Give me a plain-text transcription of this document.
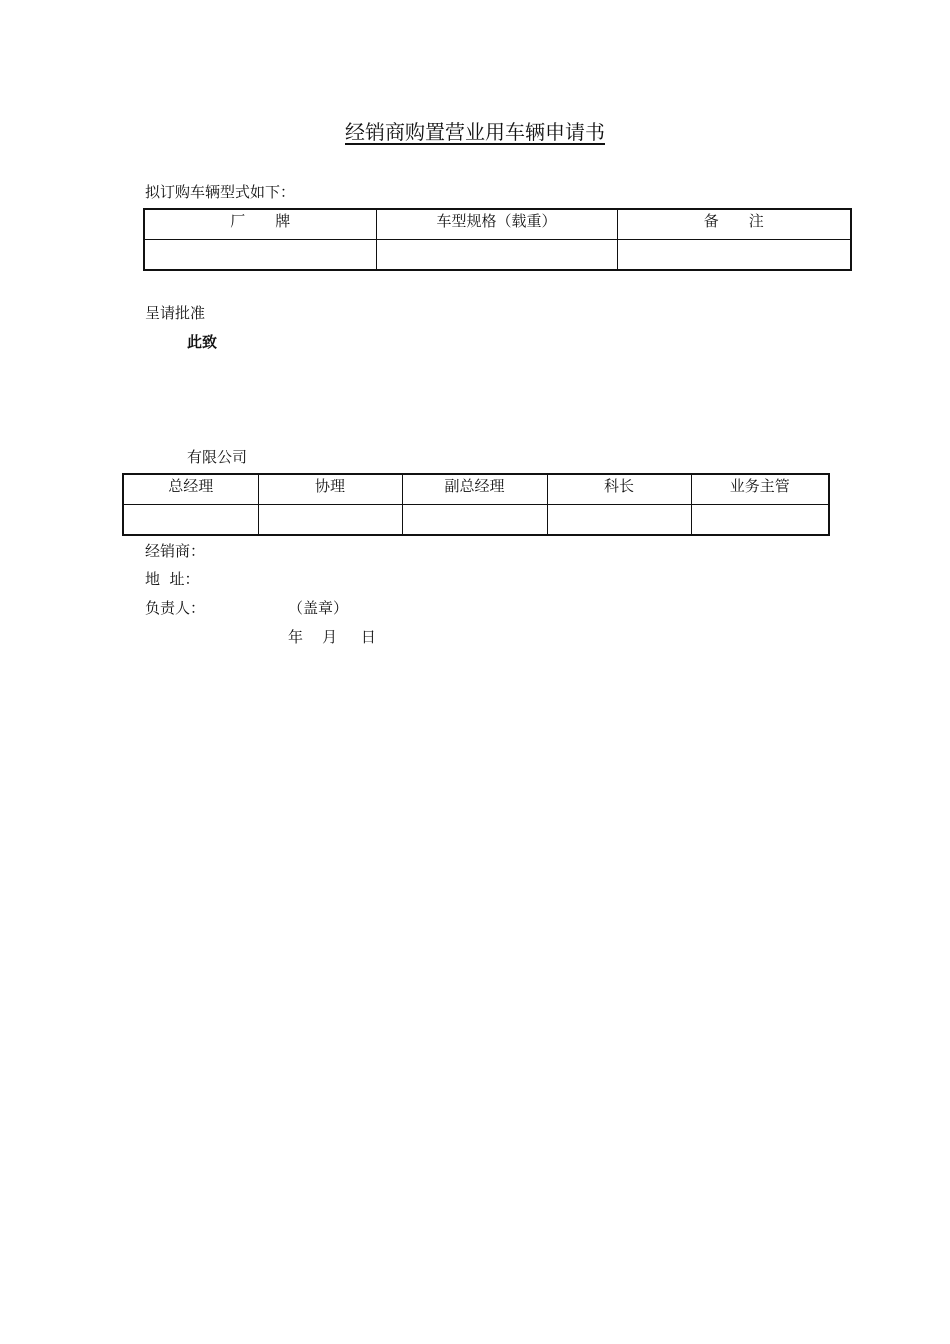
经销商购置营业用车辆申请书
拟订购车辆型式如下：
厂　　牌	车型规格（载重）	备　　注

呈请批准
此致
有限公司
总经理	协理	副总经理	科长	业务主管

经销商：
地  址：
负责人：	（盖章）
年    月     日
